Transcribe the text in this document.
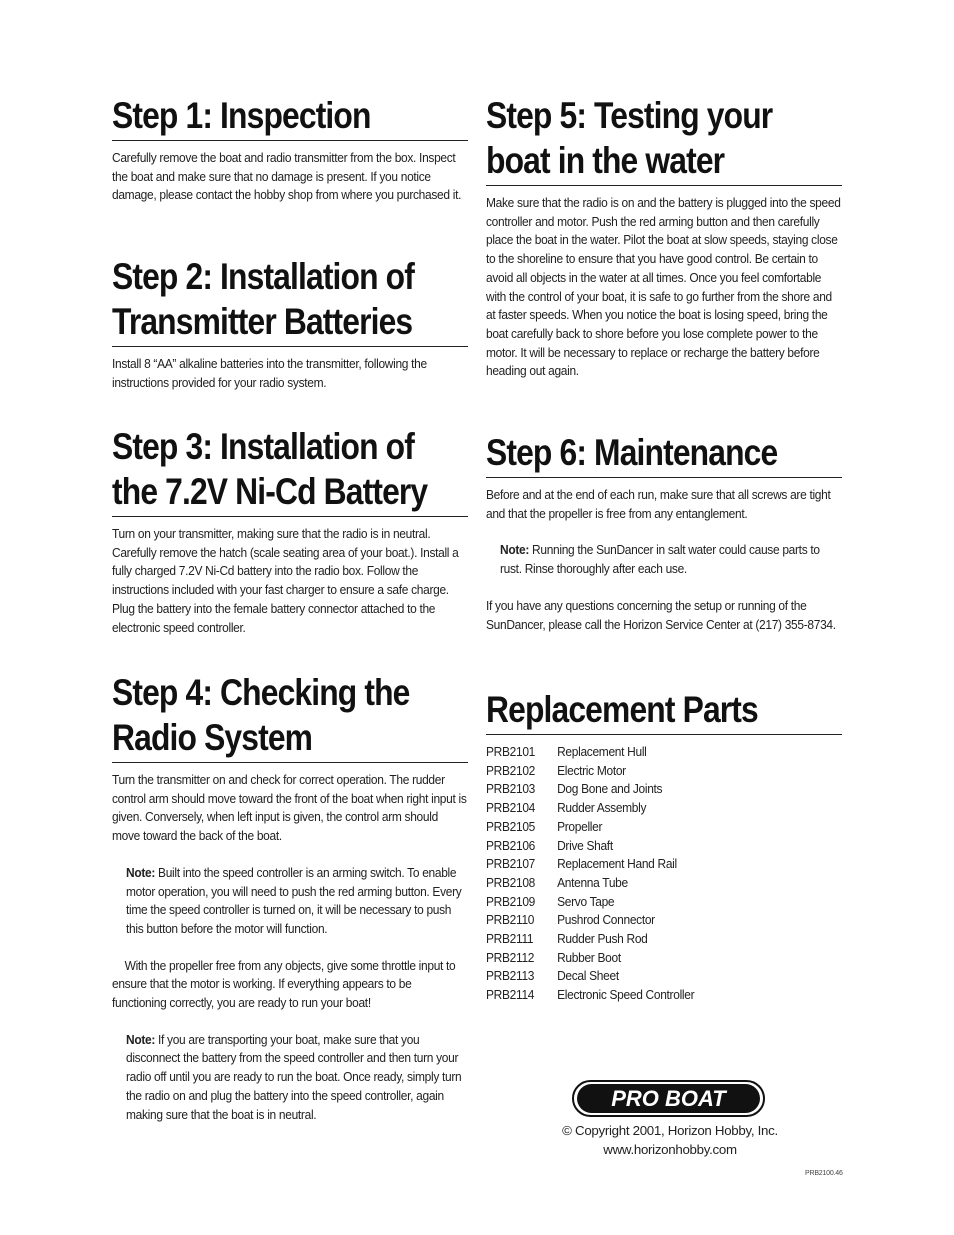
Step 1: Inspection

Carefully remove the boat and radio transmitter from the box. Inspect the boat and make sure that no damage is present. If you notice damage, please contact the hobby shop from where you purchased it.

Step 2: Installation of
Transmitter Batteries

Install 8 “AA” alkaline batteries into the transmitter, following the instructions provided for your radio system.

Step 3: Installation of
the 7.2V Ni-Cd Battery

Turn on your transmitter, making sure that the radio is in neutral. Carefully remove the hatch (scale seating area of your boat.). Install a fully charged 7.2V Ni-Cd battery into the radio box. Follow the instructions included with your fast charger to ensure a safe charge. Plug the battery into the female battery connector attached to the electronic speed controller.

Step 4: Checking the
Radio System

Turn the transmitter on and check for correct operation. The rudder control arm should move toward the front of the boat when right input is given. Conversely, when left input is given, the control arm should move toward the back of the boat.

Note: Built into the speed controller is an arming switch. To enable motor operation, you will need to push the red arming button. Every time the speed controller is turned on, it will be necessary to push this button before the motor will function.

With the propeller free from any objects, give some throttle input to ensure that the motor is working. If everything appears to be functioning correctly, you are ready to run your boat!

Note: If you are transporting your boat, make sure that you disconnect the battery from the speed controller and then turn your radio off until you are ready to run the boat. Once ready, simply turn the radio on and plug the battery into the speed controller, again making sure that the boat is in neutral.

Step 5: Testing your
boat in the water

Make sure that the radio is on and the battery is plugged into the speed controller and motor. Push the red arming button and then carefully place the boat in the water. Pilot the boat at slow speeds, staying close to the shoreline to ensure that you have good control. Be certain to avoid all objects in the water at all times. Once you feel comfortable with the control of your boat, it is safe to go further from the shore and at faster speeds. When you notice the boat is losing speed, bring the boat carefully back to shore before you lose complete power to the motor. It will be necessary to replace or recharge the battery before heading out again.

Step 6: Maintenance

Before and at the end of each run, make sure that all screws are tight and that the propeller is free from any entanglement.

Note: Running the SunDancer in salt water could cause parts to rust. Rinse thoroughly after each use.

If you have any questions concerning the setup or running of the SunDancer, please call the Horizon Service Center at (217) 355-8734.

Replacement Parts
PRB2101	Replacement Hull
PRB2102	Electric Motor
PRB2103	Dog Bone and Joints
PRB2104	Rudder Assembly
PRB2105	Propeller
PRB2106	Drive Shaft
PRB2107	Replacement Hand Rail
PRB2108	Antenna Tube
PRB2109	Servo Tape
PRB2110	Pushrod Connector
PRB2111	Rudder Push Rod
PRB2112	Rubber Boot
PRB2113	Decal Sheet
PRB2114	Electronic Speed Controller
PRO BOAT
© Copyright 2001, Horizon Hobby, Inc.
www.horizonhobby.com
PRB2100.46
